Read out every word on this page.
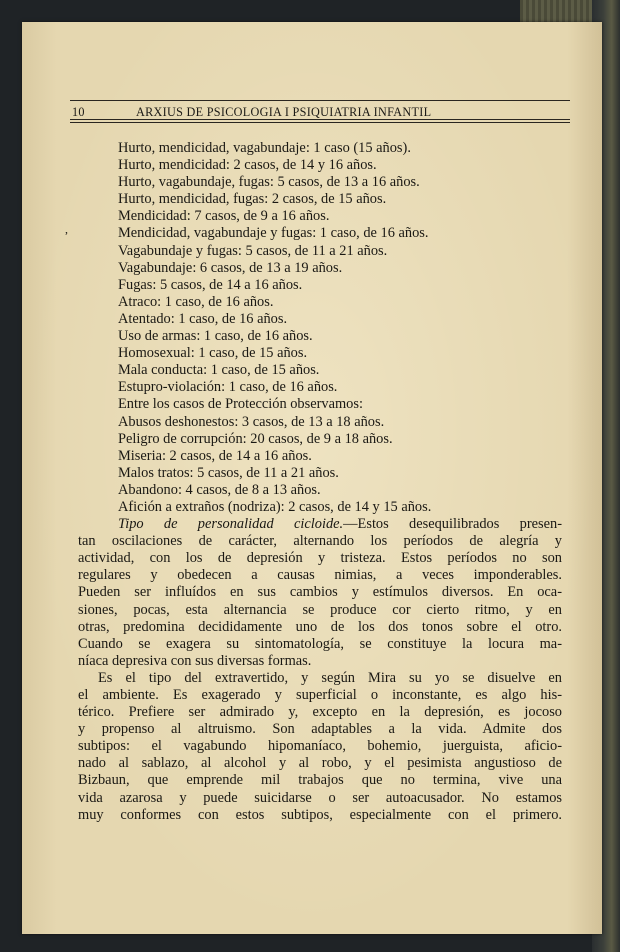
10	ARXIUS DE PSICOLOGIA I PSIQUIATRIA INFANTIL
,
Hurto, mendicidad, vagabundaje: 1 caso (15 años).
Hurto, mendicidad: 2 casos, de 14 y 16 años.
Hurto, vagabundaje, fugas: 5 casos, de 13 a 16 años.
Hurto, mendicidad, fugas: 2 casos, de 15 años.
Mendicidad: 7 casos, de 9 a 16 años.
Mendicidad, vagabundaje y fugas: 1 caso, de 16 años.
Vagabundaje y fugas: 5 casos, de 11 a 21 años.
Vagabundaje: 6 casos, de 13 a 19 años.
Fugas: 5 casos, de 14 a 16 años.
Atraco: 1 caso, de 16 años.
Atentado: 1 caso, de 16 años.
Uso de armas: 1 caso, de 16 años.
Homosexual: 1 caso, de 15 años.
Mala conducta: 1 caso, de 15 años.
Estupro-violación: 1 caso, de 16 años.
Entre los casos de Protección observamos:
Abusos deshonestos: 3 casos, de 13 a 18 años.
Peligro de corrupción: 20 casos, de 9 a 18 años.
Miseria: 2 casos, de 14 a 16 años.
Malos tratos: 5 casos, de 11 a 21 años.
Abandono: 4 casos, de 8 a 13 años.
Afición a extraños (nodriza): 2 casos, de 14 y 15 años.
Tipo de personalidad cicloide.—Estos desequilibrados presen-
tan oscilaciones de carácter, alternando los períodos de alegría y
actividad, con los de depresión y tristeza. Estos períodos no son
regulares y obedecen a causas nimias, a veces imponderables.
Pueden ser influídos en sus cambios y estímulos diversos. En oca-
siones, pocas, esta alternancia se produce cor cierto ritmo, y en
otras, predomina decididamente uno de los dos tonos sobre el otro.
Cuando se exagera su sintomatología, se constituye la locura ma-
níaca depresiva con sus diversas formas.
Es el tipo del extravertido, y según Mira su yo se disuelve en
el ambiente. Es exagerado y superficial o inconstante, es algo his-
térico. Prefiere ser admirado y, excepto en la depresión, es jocoso
y propenso al altruismo. Son adaptables a la vida. Admite dos
subtipos: el vagabundo hipomaníaco, bohemio, juerguista, aficio-
nado al sablazo, al alcohol y al robo, y el pesimista angustioso de
Bizbaun, que emprende mil trabajos que no termina, vive una
vida azarosa y puede suicidarse o ser autoacusador. No estamos
muy conformes con estos subtipos, especialmente con el primero.
